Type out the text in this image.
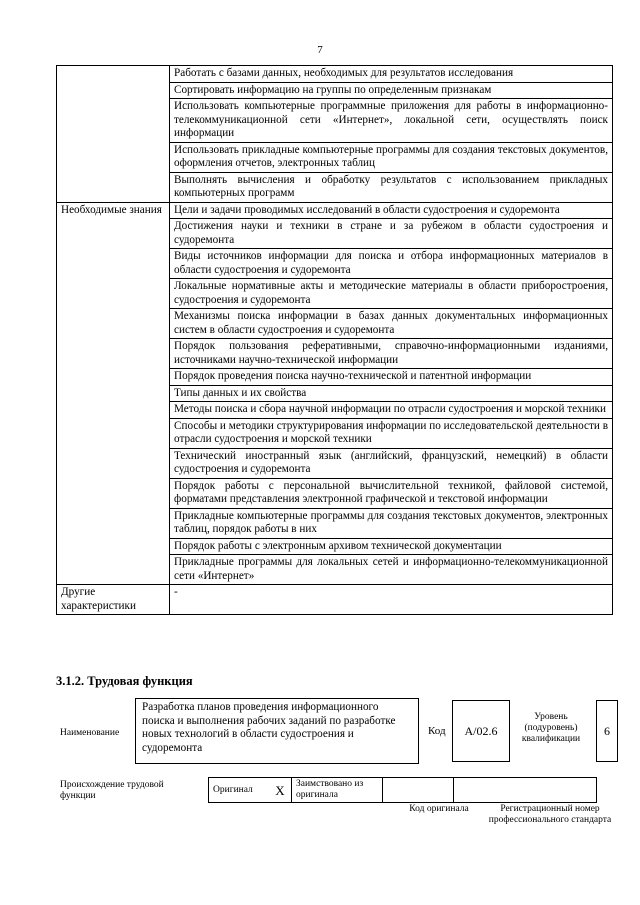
7
	Работать с базами данных, необходимых для результатов исследования
	Сортировать информацию на группы по определенным признакам
	Использовать компьютерные программные приложения для работы в информационно-телекоммуникационной сети «Интернет», локальной сети, осуществлять поиск информации
	Использовать прикладные компьютерные программы для создания текстовых документов, оформления отчетов, электронных таблиц
	Выполнять вычисления и обработку результатов с использованием прикладных компьютерных программ
Необходимые знания	Цели и задачи проводимых исследований в области судостроения и судоремонта
	Достижения науки и техники в стране и за рубежом в области судостроения и судоремонта
	Виды источников информации для поиска и отбора информационных материалов в области судостроения и судоремонта
	Локальные нормативные акты и методические материалы в области приборостроения, судостроения и судоремонта
	Механизмы поиска информации в базах данных документальных информационных систем в области судостроения и судоремонта
	Порядок пользования реферативными, справочно-информационными изданиями, источниками научно-технической информации
	Порядок проведения поиска научно-технической и патентной информации
	Типы данных и их свойства
	Методы поиска и сбора научной информации по отрасли судостроения и морской техники
	Способы и методики структурирования информации по исследовательской деятельности в отрасли судостроения и морской техники
	Технический иностранный язык (английский, французский, немецкий) в области судостроения и судоремонта
	Порядок работы с персональной вычислительной техникой, файловой системой, форматами представления электронной графической и текстовой информации
	Прикладные компьютерные программы для создания текстовых документов, электронных таблиц, порядок работы в них
	Порядок работы с электронным архивом технической документации
	Прикладные программы для локальных сетей и информационно-телекоммуникационной сети «Интернет»
Другие характеристики	-
3.1.2. Трудовая функция
Наименование
Разработка планов проведения информационного поиска и выполнения рабочих заданий по разработке новых технологий в области судостроения и судоремонта
Код	А/02.6
Уровень (подуровень) квалификации
6
Происхождение трудовой функции
Оригинал	X	Заимствовано из оригинала		
Код оригинала	Регистрационный номер профессионального стандарта
